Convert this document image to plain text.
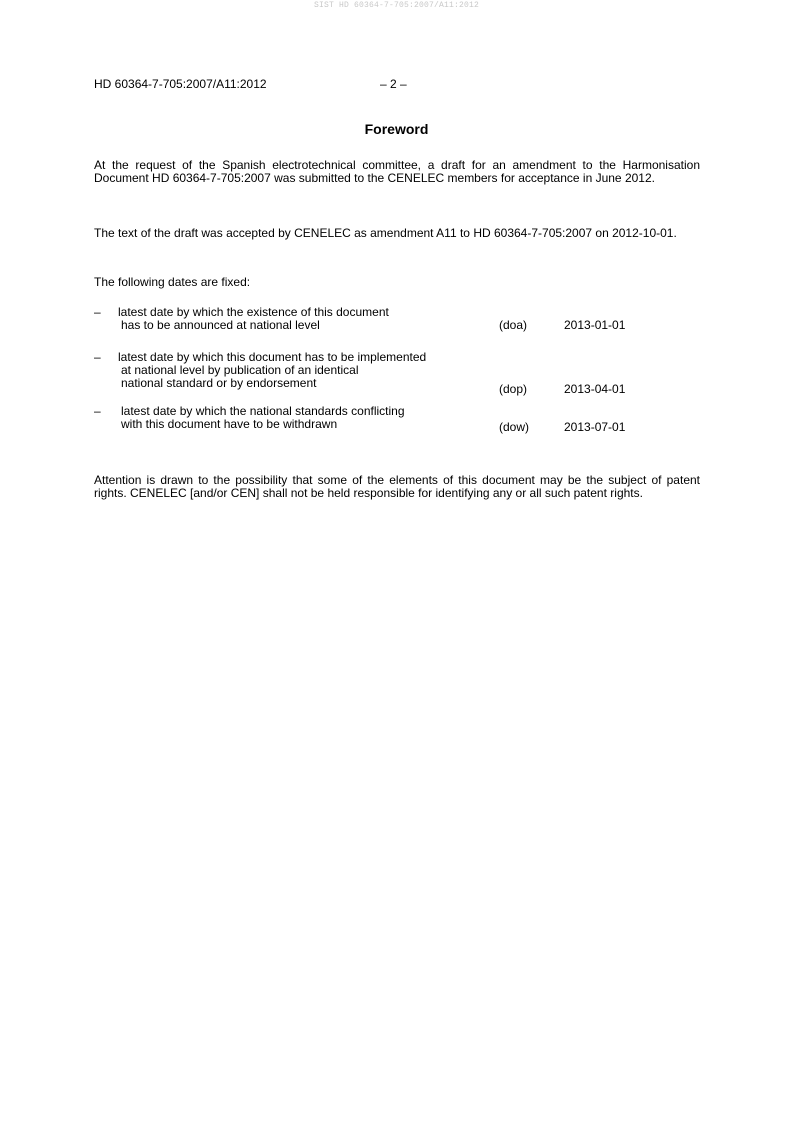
SIST HD 60364-7-705:2007/A11:2012
HD 60364-7-705:2007/A11:2012	– 2 –
Foreword
At the request of the Spanish electrotechnical committee, a draft for an amendment to the Harmonisation Document HD 60364-7-705:2007 was submitted to the CENELEC members for acceptance in June 2012.
The text of the draft was accepted by CENELEC as amendment A11 to HD 60364-7-705:2007 on 2012-10-01.
The following dates are fixed:
– latest date by which the existence of this document
has to be announced at national level	(doa)	2013-01-01
– latest date by which this document has to be implemented
at national level by publication of an identical
national standard or by endorsement	(dop)	2013-04-01
– latest date by which the national standards conflicting
with this document have to be withdrawn	(dow)	2013-07-01
Attention is drawn to the possibility that some of the elements of this document may be the subject of patent rights. CENELEC [and/or CEN] shall not be held responsible for identifying any or all such patent rights.
